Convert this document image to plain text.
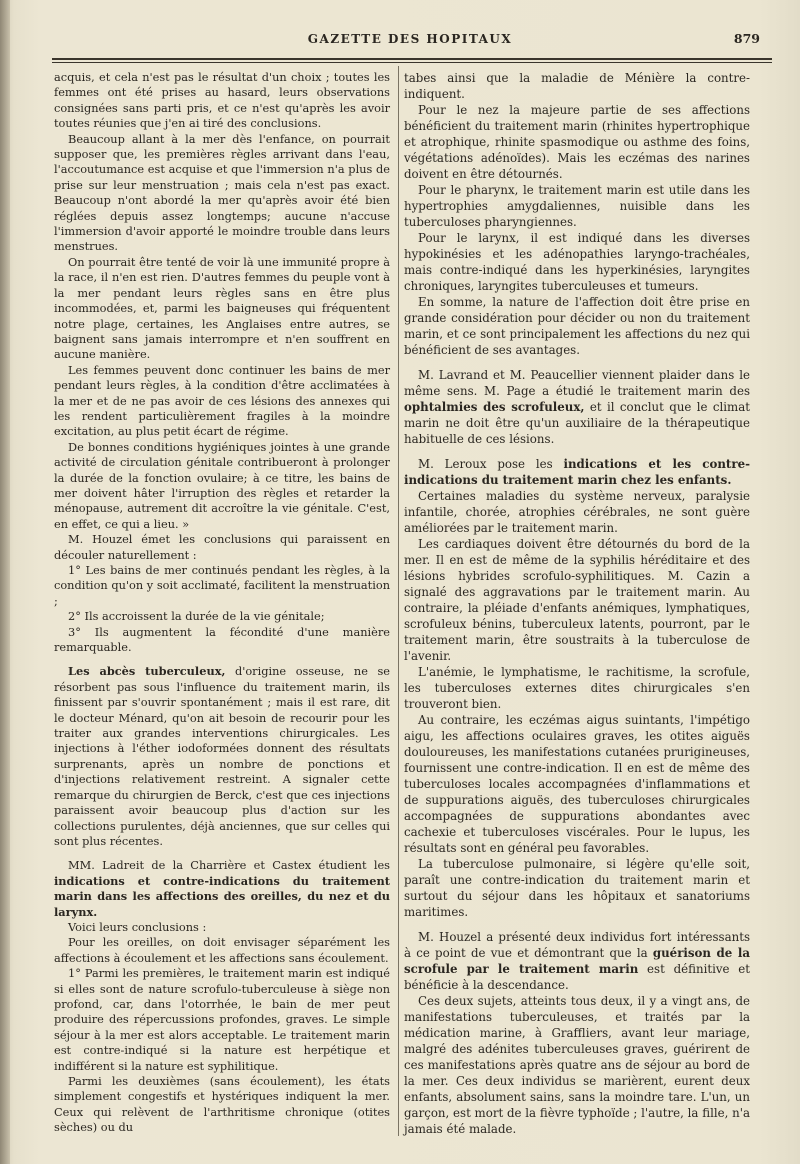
GAZETTE DES HOPITAUX	879

acquis, et cela n'est pas le résultat d'un choix ; toutes les femmes ont été prises au hasard, leurs observations consignées sans parti pris, et ce n'est qu'après les avoir toutes réunies que j'en ai tiré des conclusions.

Beaucoup allant à la mer dès l'enfance, on pourrait supposer que, les premières règles arrivant dans l'eau, l'accoutumance est acquise et que l'immersion n'a plus de prise sur leur menstruation ; mais cela n'est pas exact. Beaucoup n'ont abordé la mer qu'après avoir été bien réglées depuis assez longtemps; aucune n'accuse l'immersion d'avoir apporté le moindre trouble dans leurs menstrues.

On pourrait être tenté de voir là une immunité propre à la race, il n'en est rien. D'autres femmes du peuple vont à la mer pendant leurs règles sans en être plus incommodées, et, parmi les baigneuses qui fréquentent notre plage, certaines, les Anglaises entre autres, se baignent sans jamais interrompre et n'en souffrent en aucune manière.

Les femmes peuvent donc continuer les bains de mer pendant leurs règles, à la condition d'être acclimatées à la mer et de ne pas avoir de ces lésions des annexes qui les rendent particulièrement fragiles à la moindre excitation, au plus petit écart de régime.

De bonnes conditions hygiéniques jointes à une grande activité de circulation génitale contribueront à prolonger la durée de la fonction ovulaire; à ce titre, les bains de mer doivent hâter l'irruption des règles et retarder la ménopause, autrement dit accroître la vie génitale. C'est, en effet, ce qui a lieu. »

M. Houzel émet les conclusions qui paraissent en découler naturellement :

1° Les bains de mer continués pendant les règles, à la condition qu'on y soit acclimaté, facilitent la menstruation ;

2° Ils accroissent la durée de la vie génitale;

3° Ils augmentent la fécondité d'une manière remarquable.

Les abcès tuberculeux, d'origine osseuse, ne se résorbent pas sous l'influence du traitement marin, ils finissent par s'ouvrir spontanément ; mais il est rare, dit le docteur Ménard, qu'on ait besoin de recourir pour les traiter aux grandes interventions chirurgicales. Les injections à l'éther iodoformées donnent des résultats surprenants, après un nombre de ponctions et d'injections relativement restreint. A signaler cette remarque du chirurgien de Berck, c'est que ces injections paraissent avoir beaucoup plus d'action sur les collections purulentes, déjà anciennes, que sur celles qui sont plus récentes.

MM. Ladreit de la Charrière et Castex étudient les indications et contre-indications du traitement marin dans les affections des oreilles, du nez et du larynx.

Voici leurs conclusions :

Pour les oreilles, on doit envisager séparément les affections à écoulement et les affections sans écoulement.

1° Parmi les premières, le traitement marin est indiqué si elles sont de nature scrofulo-tuberculeuse à siège non profond, car, dans l'otorrhée, le bain de mer peut produire des répercussions profondes, graves. Le simple séjour à la mer est alors acceptable. Le traitement marin est contre-indiqué si la nature est herpétique et indifférent si la nature est syphilitique.

Parmi les deuxièmes (sans écoulement), les états simplement congestifs et hystériques indiquent la mer. Ceux qui relèvent de l'arthritisme chronique (otites sèches) ou du

tabes ainsi que la maladie de Ménière la contre-indiquent.

Pour le nez la majeure partie de ses affections bénéficient du traitement marin (rhinites hypertrophique et atrophique, rhinite spasmodique ou asthme des foins, végétations adénoïdes). Mais les eczémas des narines doivent en être détournés.

Pour le pharynx, le traitement marin est utile dans les hypertrophies amygdaliennes, nuisible dans les tuberculoses pharyngiennes.

Pour le larynx, il est indiqué dans les diverses hypokinésies et les adénopathies laryngo-trachéales, mais contre-indiqué dans les hyperkinésies, laryngites chroniques, laryngites tuberculeuses et tumeurs.

En somme, la nature de l'affection doit être prise en grande considération pour décider ou non du traitement marin, et ce sont principalement les affections du nez qui bénéficient de ses avantages.

M. Lavrand et M. Peaucellier viennent plaider dans le même sens. M. Page a étudié le traitement marin des ophtalmies des scrofuleux, et il conclut que le climat marin ne doit être qu'un auxiliaire de la thérapeutique habituelle de ces lésions.

M. Leroux pose les indications et les contre-indications du traitement marin chez les enfants.

Certaines maladies du système nerveux, paralysie infantile, chorée, atrophies cérébrales, ne sont guère améliorées par le traitement marin.

Les cardiaques doivent être détournés du bord de la mer. Il en est de même de la syphilis héréditaire et des lésions hybrides scrofulo-syphilitiques. M. Cazin a signalé des aggravations par le traitement marin. Au contraire, la pléiade d'enfants anémiques, lymphatiques, scrofuleux bénins, tuberculeux latents, pourront, par le traitement marin, être soustraits à la tuberculose de l'avenir.

L'anémie, le lymphatisme, le rachitisme, la scrofule, les tuberculoses externes dites chirurgicales s'en trouveront bien.

Au contraire, les eczémas aigus suintants, l'impétigo aigu, les affections oculaires graves, les otites aiguës douloureuses, les manifestations cutanées prurigineuses, fournissent une contre-indication. Il en est de même des tuberculoses locales accompagnées d'inflammations et de suppurations aiguës, des tuberculoses chirurgicales accompagnées de suppurations abondantes avec cachexie et tuberculoses viscérales. Pour le lupus, les résultats sont en général peu favorables.

La tuberculose pulmonaire, si légère qu'elle soit, paraît une contre-indication du traitement marin et surtout du séjour dans les hôpitaux et sanatoriums maritimes.

M. Houzel a présenté deux individus fort intéressants à ce point de vue et démontrant que la guérison de la scrofule par le traitement marin est définitive et bénéficie à la descendance.

Ces deux sujets, atteints tous deux, il y a vingt ans, de manifestations tuberculeuses, et traités par la médication marine, à Graffliers, avant leur mariage, malgré des adénites tuberculeuses graves, guérirent de ces manifestations après quatre ans de séjour au bord de la mer. Ces deux individus se marièrent, eurent deux enfants, absolument sains, sans la moindre tare. L'un, un garçon, est mort de la fièvre typhoïde ; l'autre, la fille, n'a jamais été malade.
